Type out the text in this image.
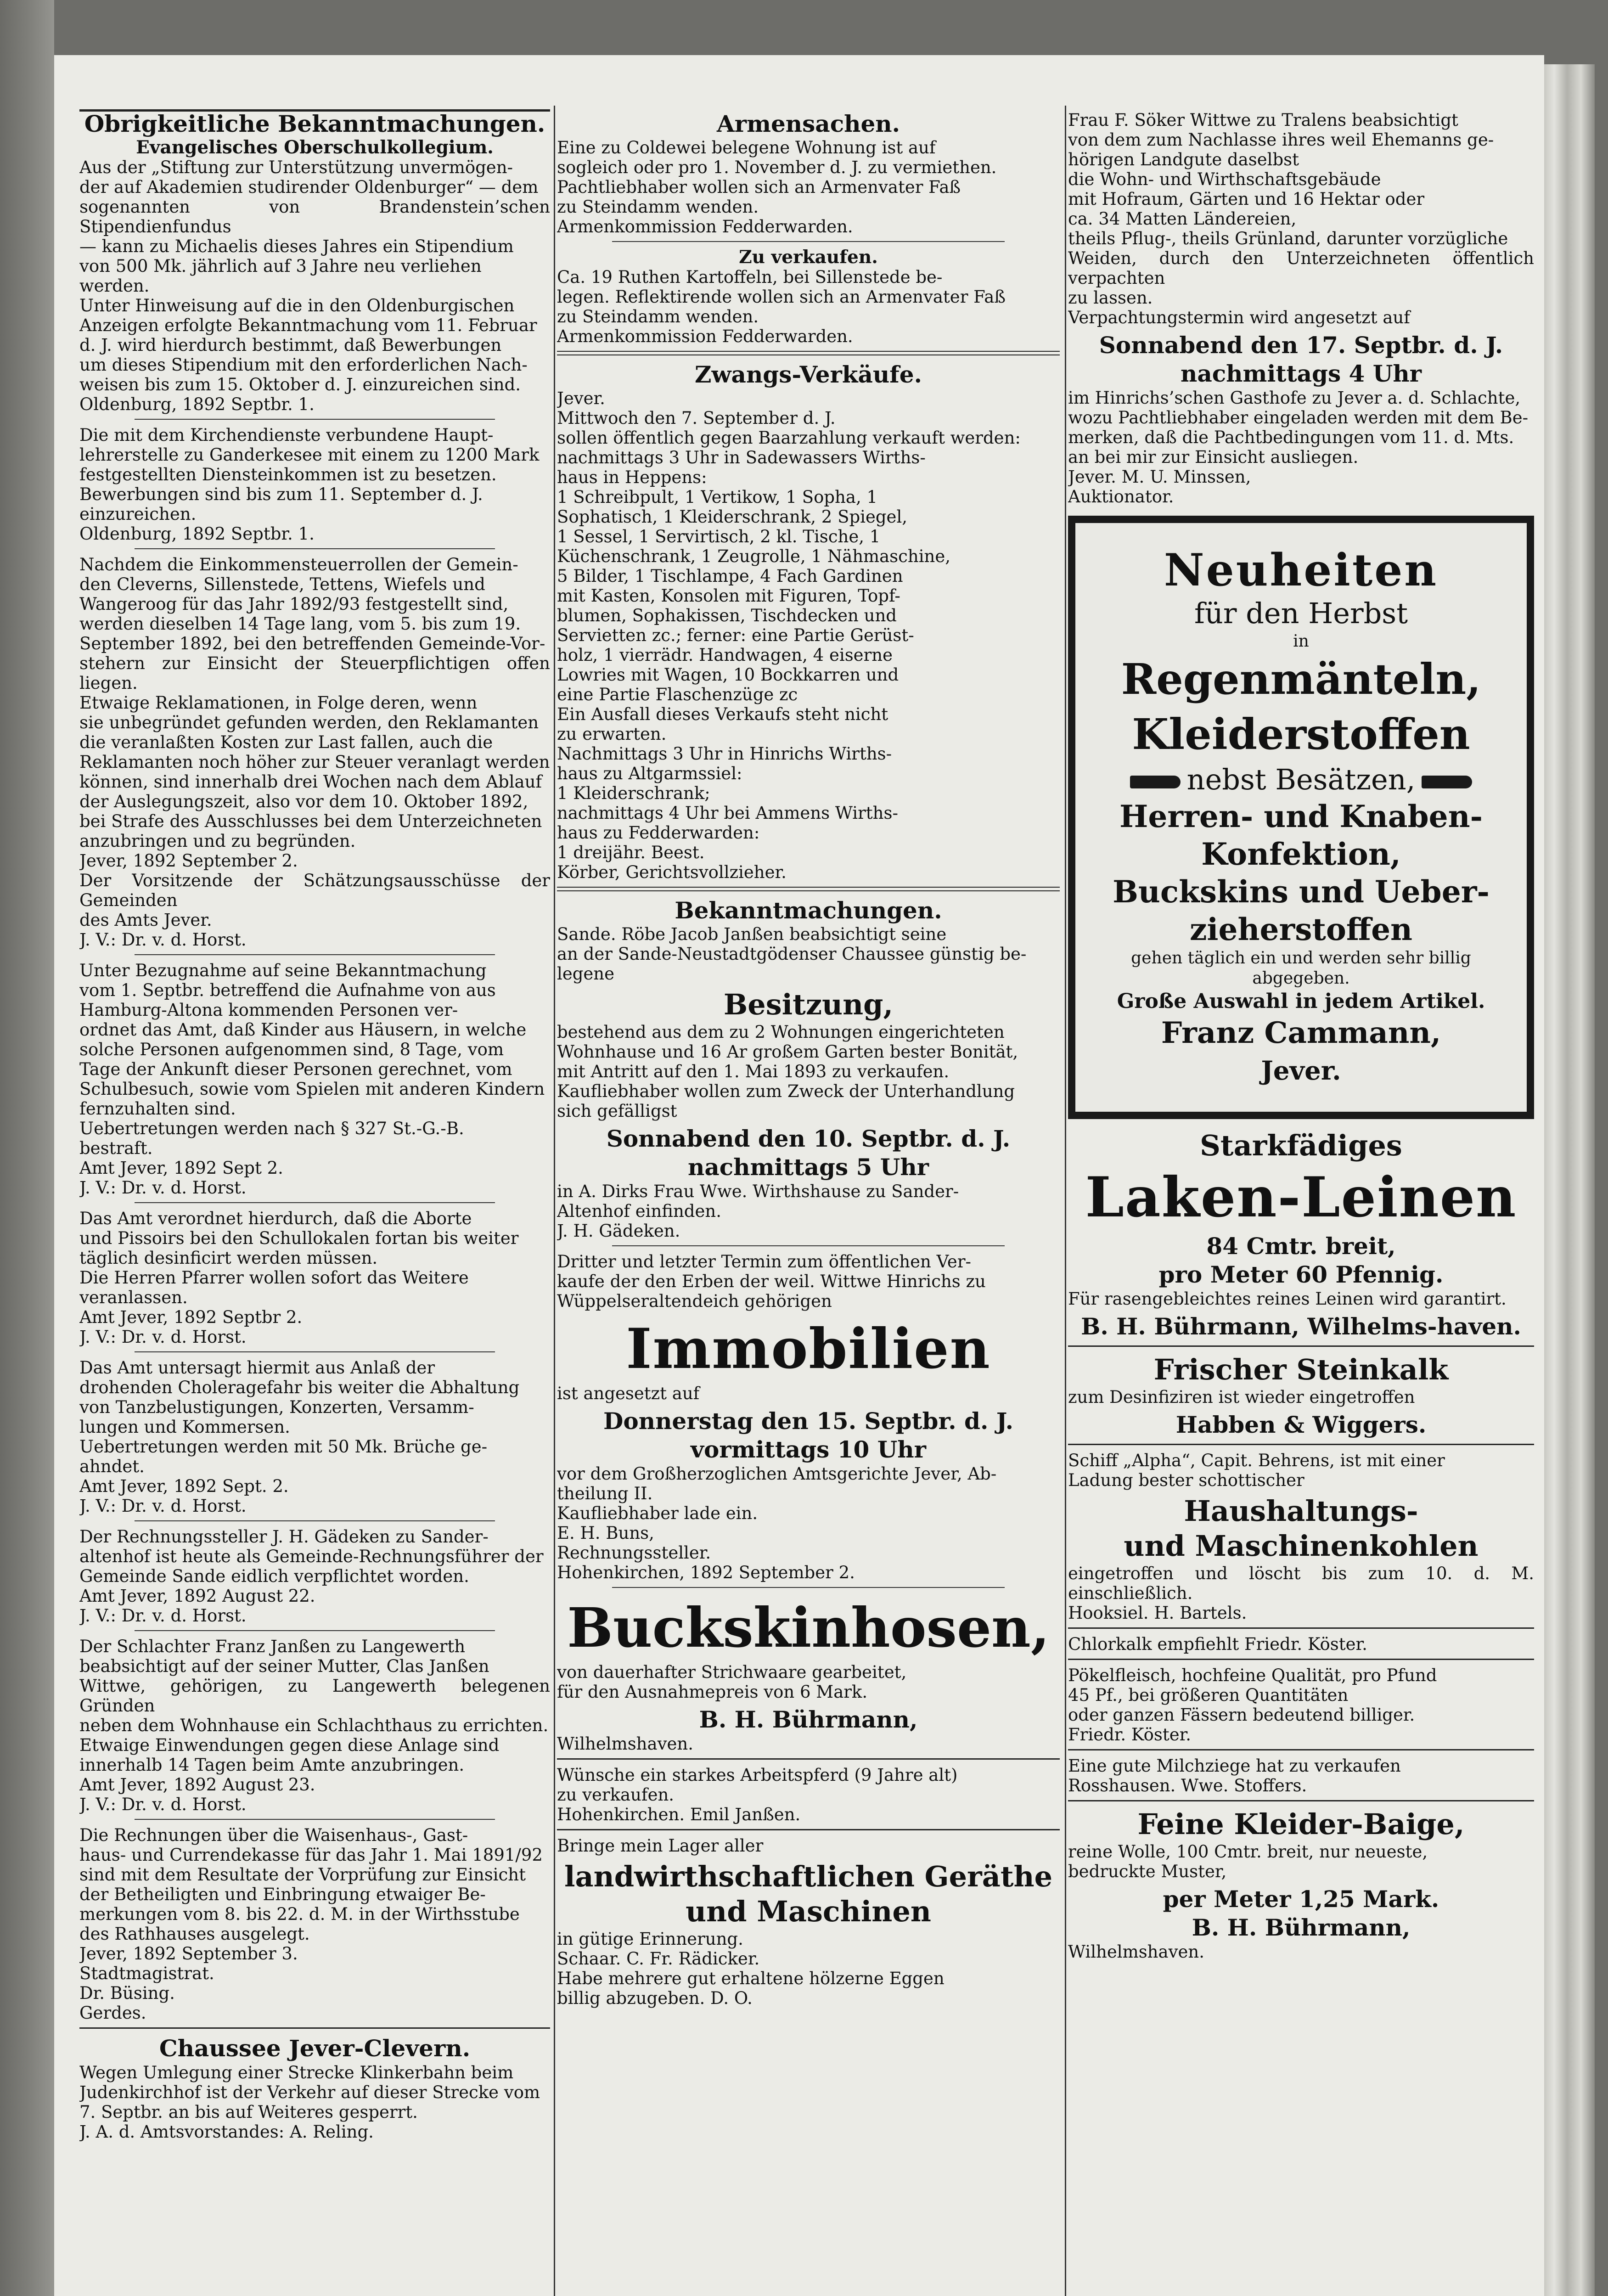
Obrigkeitliche Bekanntmachungen.
Evangelisches Oberschulkollegium.

Aus der „Stiftung zur Unterstützung unvermögen-

der auf Akademien studirender Oldenburger“ — dem

sogenannten von Brandenstein’schen Stipendienfundus

— kann zu Michaelis dieses Jahres ein Stipendium

von 500 Mk. jährlich auf 3 Jahre neu verliehen

werden.

Unter Hinweisung auf die in den Oldenburgischen

Anzeigen erfolgte Bekanntmachung vom 11. Februar

d. J. wird hierdurch bestimmt, daß Bewerbungen

um dieses Stipendium mit den erforderlichen Nach-

weisen bis zum 15. Oktober d. J. einzureichen sind.

Oldenburg, 1892 Septbr. 1.

Die mit dem Kirchendienste verbundene Haupt-

lehrerstelle zu Ganderkesee mit einem zu 1200 Mark

festgestellten Diensteinkommen ist zu besetzen.

Bewerbungen sind bis zum 11. September d. J.

einzureichen.

Oldenburg, 1892 Septbr. 1.

Nachdem die Einkommensteuerrollen der Gemein-

den Cleverns, Sillenstede, Tettens, Wiefels und

Wangeroog für das Jahr 1892/93 festgestellt sind,

werden dieselben 14 Tage lang, vom 5. bis zum 19.

September 1892, bei den betreffenden Gemeinde-Vor-

stehern zur Einsicht der Steuerpflichtigen offen liegen.

Etwaige Reklamationen, in Folge deren, wenn

sie unbegründet gefunden werden, den Reklamanten

die veranlaßten Kosten zur Last fallen, auch die

Reklamanten noch höher zur Steuer veranlagt werden

können, sind innerhalb drei Wochen nach dem Ablauf

der Auslegungszeit, also vor dem 10. Oktober 1892,

bei Strafe des Ausschlusses bei dem Unterzeichneten

anzubringen und zu begründen.

Jever, 1892 September 2.

Der Vorsitzende der Schätzungsausschüsse der Gemeinden

des Amts Jever.

J. V.: Dr. v. d. Horst.

Unter Bezugnahme auf seine Bekanntmachung

vom 1. Septbr. betreffend die Aufnahme von aus

Hamburg-Altona kommenden Personen ver-

ordnet das Amt, daß Kinder aus Häusern, in welche

solche Personen aufgenommen sind, 8 Tage, vom

Tage der Ankunft dieser Personen gerechnet, vom

Schulbesuch, sowie vom Spielen mit anderen Kindern

fernzuhalten sind.

Uebertretungen werden nach § 327 St.-G.-B.

bestraft.

Amt Jever, 1892 Sept 2.

J. V.: Dr. v. d. Horst.

Das Amt verordnet hierdurch, daß die Aborte

und Pissoirs bei den Schullokalen fortan bis weiter

täglich desinficirt werden müssen.

Die Herren Pfarrer wollen sofort das Weitere

veranlassen.

Amt Jever, 1892 Septbr 2.

J. V.: Dr. v. d. Horst.

Das Amt untersagt hiermit aus Anlaß der

drohenden Choleragefahr bis weiter die Abhaltung

von Tanzbelustigungen, Konzerten, Versamm-

lungen und Kommersen.

Uebertretungen werden mit 50 Mk. Brüche ge-

ahndet.

Amt Jever, 1892 Sept. 2.

J. V.: Dr. v. d. Horst.

Der Rechnungssteller J. H. Gädeken zu Sander-

altenhof ist heute als Gemeinde-Rechnungsführer der

Gemeinde Sande eidlich verpflichtet worden.

Amt Jever, 1892 August 22.

J. V.: Dr. v. d. Horst.

Der Schlachter Franz Janßen zu Langewerth

beabsichtigt auf der seiner Mutter, Clas Janßen

Wittwe, gehörigen, zu Langewerth belegenen Gründen

neben dem Wohnhause ein Schlachthaus zu errichten.

Etwaige Einwendungen gegen diese Anlage sind

innerhalb 14 Tagen beim Amte anzubringen.

Amt Jever, 1892 August 23.

J. V.: Dr. v. d. Horst.

Die Rechnungen über die Waisenhaus-, Gast-

haus- und Currendekasse für das Jahr 1. Mai 1891/92

sind mit dem Resultate der Vorprüfung zur Einsicht

der Betheiligten und Einbringung etwaiger Be-

merkungen vom 8. bis 22. d. M. in der Wirthsstube

des Rathhauses ausgelegt.

Jever, 1892 September 3.

Stadtmagistrat.

Dr. Büsing.

Gerdes.

Chaussee Jever-Clevern.

Wegen Umlegung einer Strecke Klinkerbahn beim

Judenkirchhof ist der Verkehr auf dieser Strecke vom

7. Septbr. an bis auf Weiteres gesperrt.

J. A. d. Amtsvorstandes: A. Reling.

Armensachen.

Eine zu Coldewei belegene Wohnung ist auf

sogleich oder pro 1. November d. J. zu vermiethen.

Pachtliebhaber wollen sich an Armenvater Faß

zu Steindamm wenden.

Armenkommission Fedderwarden.

Zu verkaufen.

Ca. 19 Ruthen Kartoffeln, bei Sillenstede be-

legen. Reflektirende wollen sich an Armenvater Faß

zu Steindamm wenden.

Armenkommission Fedderwarden.

Zwangs-Verkäufe.

Jever.

Mittwoch den 7. September d. J.

sollen öffentlich gegen Baarzahlung verkauft werden:

nachmittags 3 Uhr in Sadewassers Wirths-

haus in Heppens:

1 Schreibpult, 1 Vertikow, 1 Sopha, 1

Sophatisch, 1 Kleiderschrank, 2 Spiegel,

1 Sessel, 1 Servirtisch, 2 kl. Tische, 1

Küchenschrank, 1 Zeugrolle, 1 Nähmaschine,

5 Bilder, 1 Tischlampe, 4 Fach Gardinen

mit Kasten, Konsolen mit Figuren, Topf-

blumen, Sophakissen, Tischdecken und

Servietten zc.; ferner: eine Partie Gerüst-

holz, 1 vierrädr. Handwagen, 4 eiserne

Lowries mit Wagen, 10 Bockkarren und

eine Partie Flaschenzüge zc

Ein Ausfall dieses Verkaufs steht nicht

zu erwarten.

Nachmittags 3 Uhr in Hinrichs Wirths-

haus zu Altgarmssiel:

1 Kleiderschrank;

nachmittags 4 Uhr bei Ammens Wirths-

haus zu Fedderwarden:

1 dreijähr. Beest.

Körber, Gerichtsvollzieher.

Bekanntmachungen.

Sande. Röbe Jacob Janßen beabsichtigt seine

an der Sande-Neustadtgödenser Chaussee günstig be-

legene

Besitzung,

bestehend aus dem zu 2 Wohnungen eingerichteten

Wohnhause und 16 Ar großem Garten bester Bonität,

mit Antritt auf den 1. Mai 1893 zu verkaufen.

Kaufliebhaber wollen zum Zweck der Unterhandlung

sich gefälligst

Sonnabend den 10. Septbr. d. J.
nachmittags 5 Uhr

in A. Dirks Frau Wwe. Wirthshause zu Sander-

Altenhof einfinden.

J. H. Gädeken.

Dritter und letzter Termin zum öffentlichen Ver-

kaufe der den Erben der weil. Wittwe Hinrichs zu

Wüppelseraltendeich gehörigen

Immobilien

ist angesetzt auf

Donnerstag den 15. Septbr. d. J.
vormittags 10 Uhr

vor dem Großherzoglichen Amtsgerichte Jever, Ab-

theilung II.

Kaufliebhaber lade ein.

E. H. Buns,

Rechnungssteller.

Hohenkirchen, 1892 September 2.

Buckskinhosen,

von dauerhafter Strichwaare gearbeitet,

für den Ausnahmepreis von 6 Mark.

B. H. Bührmann,

Wilhelmshaven.

Wünsche ein starkes Arbeitspferd (9 Jahre alt)

zu verkaufen.

Hohenkirchen. Emil Janßen.

Bringe mein Lager aller

landwirthschaftlichen Geräthe
und Maschinen

in gütige Erinnerung.

Schaar. C. Fr. Rädicker.

Habe mehrere gut erhaltene hölzerne Eggen

billig abzugeben. D. O.

Frau F. Söker Wittwe zu Tralens beabsichtigt

von dem zum Nachlasse ihres weil Ehemanns ge-

hörigen Landgute daselbst

die Wohn- und Wirthschaftsgebäude

mit Hofraum, Gärten und 16 Hektar oder

ca. 34 Matten Ländereien,

theils Pflug-, theils Grünland, darunter vorzügliche

Weiden, durch den Unterzeichneten öffentlich verpachten

zu lassen.

Verpachtungstermin wird angesetzt auf

Sonnabend den 17. Septbr. d. J.
nachmittags 4 Uhr

im Hinrichs’schen Gasthofe zu Jever a. d. Schlachte,

wozu Pachtliebhaber eingeladen werden mit dem Be-

merken, daß die Pachtbedingungen vom 11. d. Mts.

an bei mir zur Einsicht ausliegen.

Jever. M. U. Minssen,

Auktionator.

Neuheiten
für den Herbst
in
Regenmänteln,
Kleiderstoffen
nebst Besätzen,
Herren- und Knaben-
Konfektion,
Buckskins und Ueber-
zieherstoffen
gehen täglich ein und werden sehr billig
abgegeben.
Große Auswahl in jedem Artikel.
Franz Cammann,
Jever.
Starkfädiges
Laken-Leinen
84 Cmtr. breit,
pro Meter 60 Pfennig.

Für rasengebleichtes reines Leinen wird garantirt.

B. H. Bührmann, Wilhelms-haven.
Frischer Steinkalk

zum Desinfiziren ist wieder eingetroffen

Habben & Wiggers.

Schiff „Alpha“, Capit. Behrens, ist mit einer

Ladung bester schottischer

Haushaltungs-
und Maschinenkohlen

eingetroffen und löscht bis zum 10. d. M. einschließlich.

Hooksiel. H. Bartels.

Chlorkalk empfiehlt Friedr. Köster.

Pökelfleisch, hochfeine Qualität, pro Pfund

45 Pf., bei größeren Quantitäten

oder ganzen Fässern bedeutend billiger.

Friedr. Köster.

Eine gute Milchziege hat zu verkaufen

Rosshausen. Wwe. Stoffers.

Feine Kleider-Baige,

reine Wolle, 100 Cmtr. breit, nur neueste,

bedruckte Muster,

per Meter 1,25 Mark.
B. H. Bührmann,

Wilhelmshaven.
